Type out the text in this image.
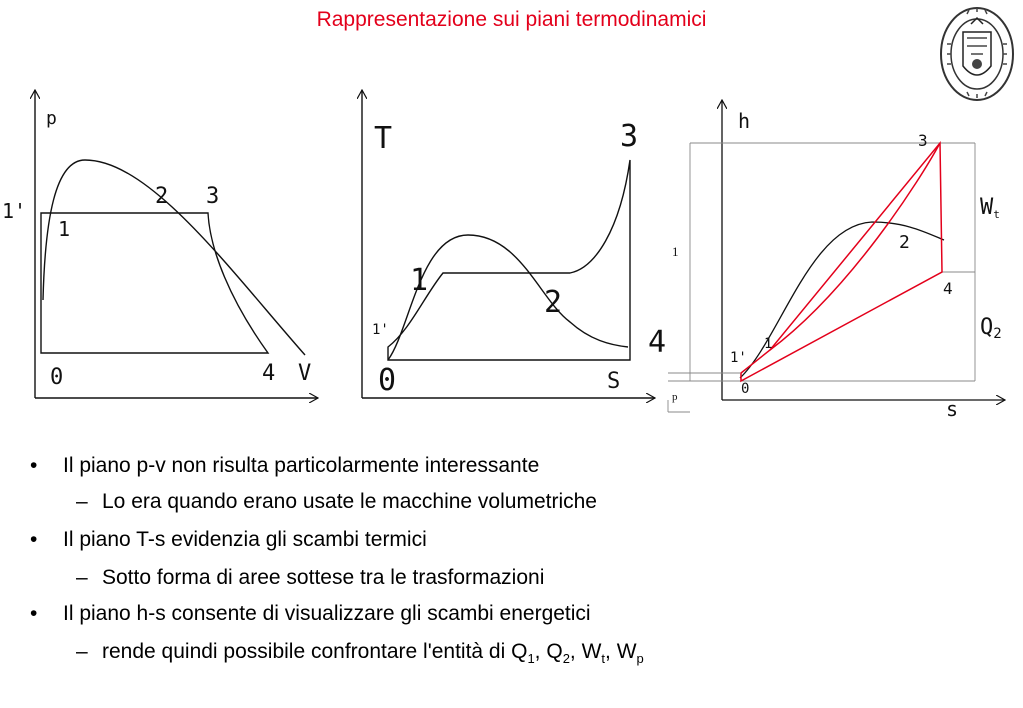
Rappresentazione sui piani termodinamici
p
V
1'
1
2 3
0	4
T
S
1'
1
2
3
0
4
h
s
3
2
4
1
1'
0
Wt
Q2
1
p
• Il piano p-v non risulta particolarmente interessante
– Lo era quando erano usate le macchine volumetriche
• Il piano T-s evidenzia gli scambi termici
– Sotto forma di aree sottese tra le trasformazioni
• Il piano h-s consente di visualizzare gli scambi energetici
– rende quindi possibile confrontare l'entità di $Q_1$, $Q_2$, $W_t$, $W_p$
